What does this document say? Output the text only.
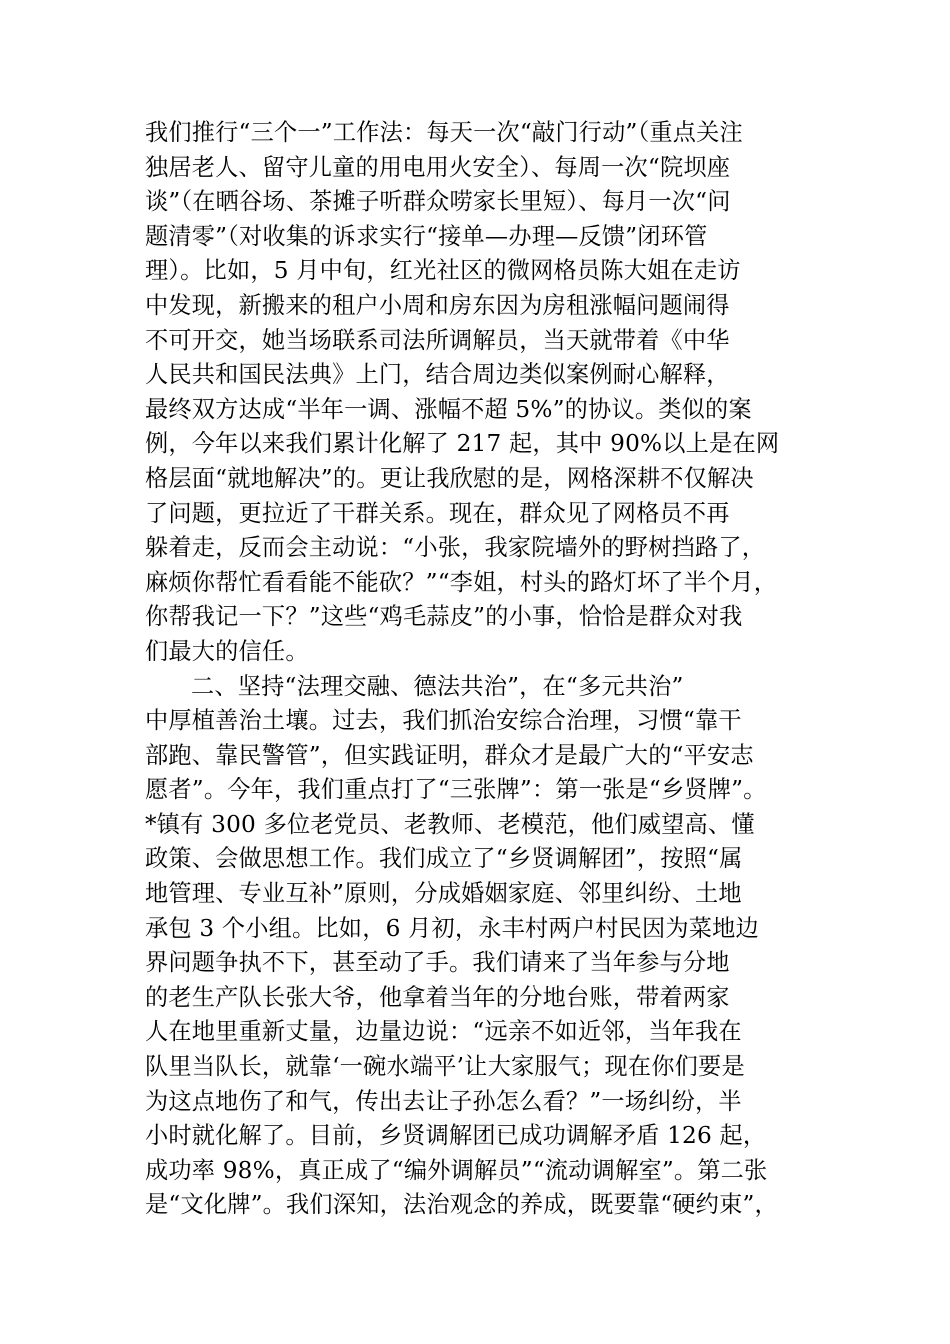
我们推行“三个一”工作法：每天一次“敲门行动”（重点关注
独居老人、留守儿童的用电用火安全）、每周一次“院坝座
谈”（在晒谷场、茶摊子听群众唠家长里短）、每月一次“问
题清零”（对收集的诉求实行“接单—办理—反馈”闭环管
理）。比如，5 月中旬，红光社区的微网格员陈大姐在走访
中发现，新搬来的租户小周和房东因为房租涨幅问题闹得
不可开交，她当场联系司法所调解员，当天就带着《中华
人民共和国民法典》上门，结合周边类似案例耐心解释，
最终双方达成“半年一调、涨幅不超 5%”的协议。类似的案
例，今年以来我们累计化解了 217 起，其中 90%以上是在网
格层面“就地解决”的。更让我欣慰的是，网格深耕不仅解决
了问题，更拉近了干群关系。现在，群众见了网格员不再
躲着走，反而会主动说：“小张，我家院墙外的野树挡路了，
麻烦你帮忙看看能不能砍？”“李姐，村头的路灯坏了半个月，
你帮我记一下？”这些“鸡毛蒜皮”的小事，恰恰是群众对我
们最大的信任。
二、坚持“法理交融、德法共治”，在“多元共治”
中厚植善治土壤。过去，我们抓治安综合治理，习惯“靠干
部跑、靠民警管”，但实践证明，群众才是最广大的“平安志
愿者”。今年，我们重点打了“三张牌”：第一张是“乡贤牌”。
*镇有 300 多位老党员、老教师、老模范，他们威望高、懂
政策、会做思想工作。我们成立了“乡贤调解团”，按照“属
地管理、专业互补”原则，分成婚姻家庭、邻里纠纷、土地
承包 3 个小组。比如，6 月初，永丰村两户村民因为菜地边
界问题争执不下，甚至动了手。我们请来了当年参与分地
的老生产队长张大爷，他拿着当年的分地台账，带着两家
人在地里重新丈量，边量边说：“远亲不如近邻，当年我在
队里当队长，就靠‘一碗水端平’让大家服气；现在你们要是
为这点地伤了和气，传出去让子孙怎么看？”一场纠纷，半
小时就化解了。目前，乡贤调解团已成功调解矛盾 126 起，
成功率 98%，真正成了“编外调解员”“流动调解室”。第二张
是“文化牌”。我们深知，法治观念的养成，既要靠“硬约束”，
